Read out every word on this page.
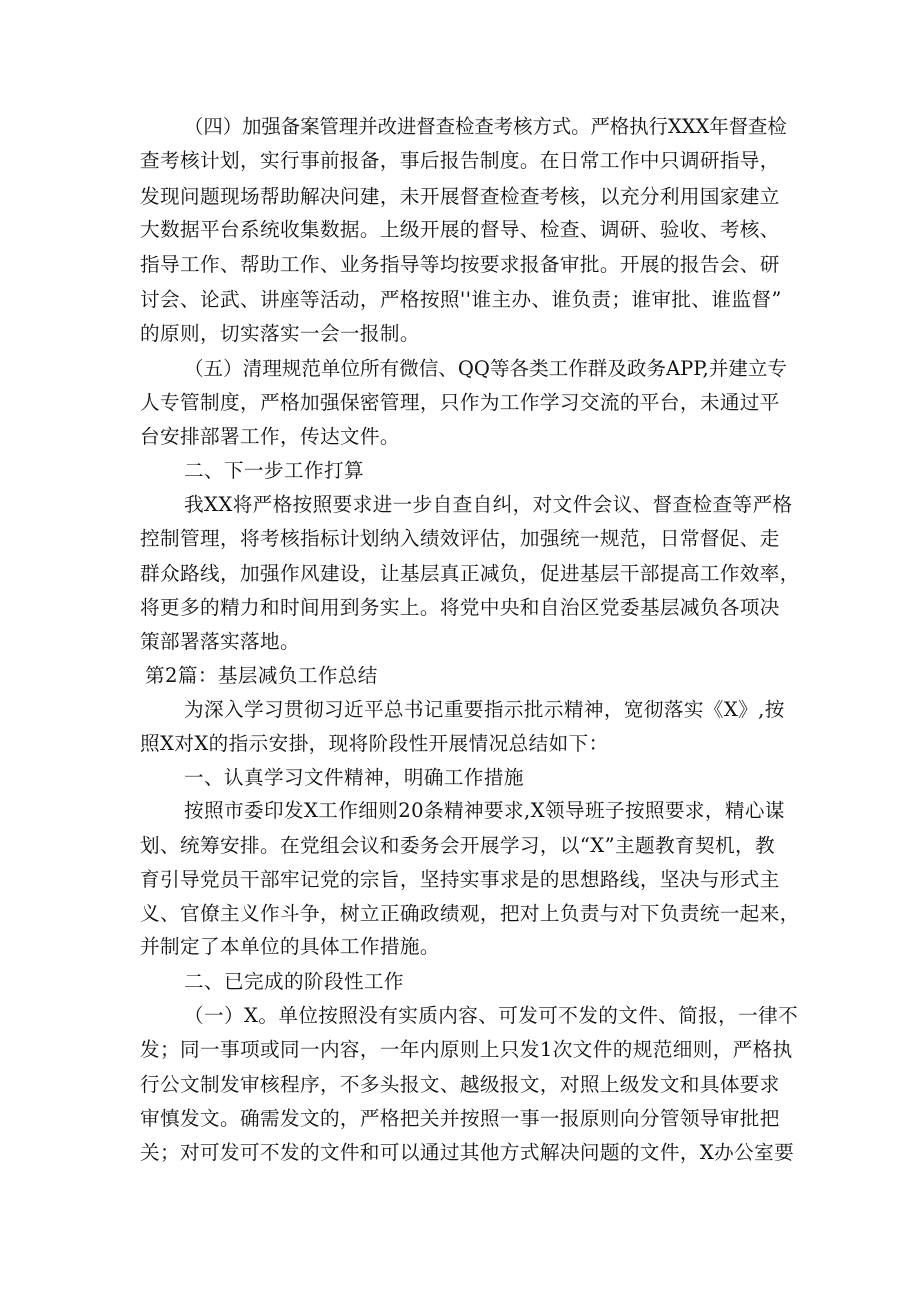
（四）加强备案管理并改进督查检查考核方式。严格执行XXX年督查检
查考核计划，实行事前报备，事后报告制度。在日常工作中只调研指导，
发现问题现场帮助解决问建，未开展督查检查考核，以充分利用国家建立
大数据平台系统收集数据。上级开展的督导、检查、调研、验收、考核、
指导工作、帮助工作、业务指导等均按要求报备审批。开展的报告会、研
讨会、论武、讲座等活动，严格按照''谁主办、谁负责；谁审批、谁监督”
的原则，切实落实一会一报制。
（五）清理规范单位所有微信、QQ等各类工作群及政务APP,并建立专
人专管制度，严格加强保密管理，只作为工作学习交流的平台，未通过平
台安排部署工作，传达文件。
二、下一步工作打算
我XX将严格按照要求进一步自查自纠，对文件会议、督查检查等严格
控制管理，将考核指标计划纳入绩效评估，加强统一规范，日常督促、走
群众路线，加强作风建设，让基层真正减负，促进基层干部提高工作效率，
将更多的精力和时间用到务实上。将党中央和自治区党委基层减负各项决
策部署落实落地。
第2篇：基层减负工作总结
为深入学习贯彻习近平总书记重要指示批示精神，宽彻落实《X》,按
照X对X的指示安掛，现将阶段性开展情况总结如下：
一、认真学习文件精神，明确工作措施
按照市委印发X工作细则20条精神要求,X领导班子按照要求，精心谋
划、统筹安排。在党组会议和委务会开展学习，以“X”主题教育契机，教
育引导党员干部牢记党的宗旨，坚持实事求是的思想路线，坚决与形式主
义、官僚主义作斗争，树立正确政绩观，把对上负责与对下负责统一起来，
并制定了本单位的具体工作措施。
二、已完成的阶段性工作
（一）X。单位按照没有实质内容、可发可不发的文件、简报，一律不
发；同一事项或同一内容，一年内原则上只发1次文件的规范细则，严格执
行公文制发审核程序，不多头报文、越级报文，对照上级发文和具体要求
审慎发文。确需发文的，严格把关并按照一事一报原则向分管领导审批把
关；对可发可不发的文件和可以通过其他方式解决问题的文件，X办公室要
